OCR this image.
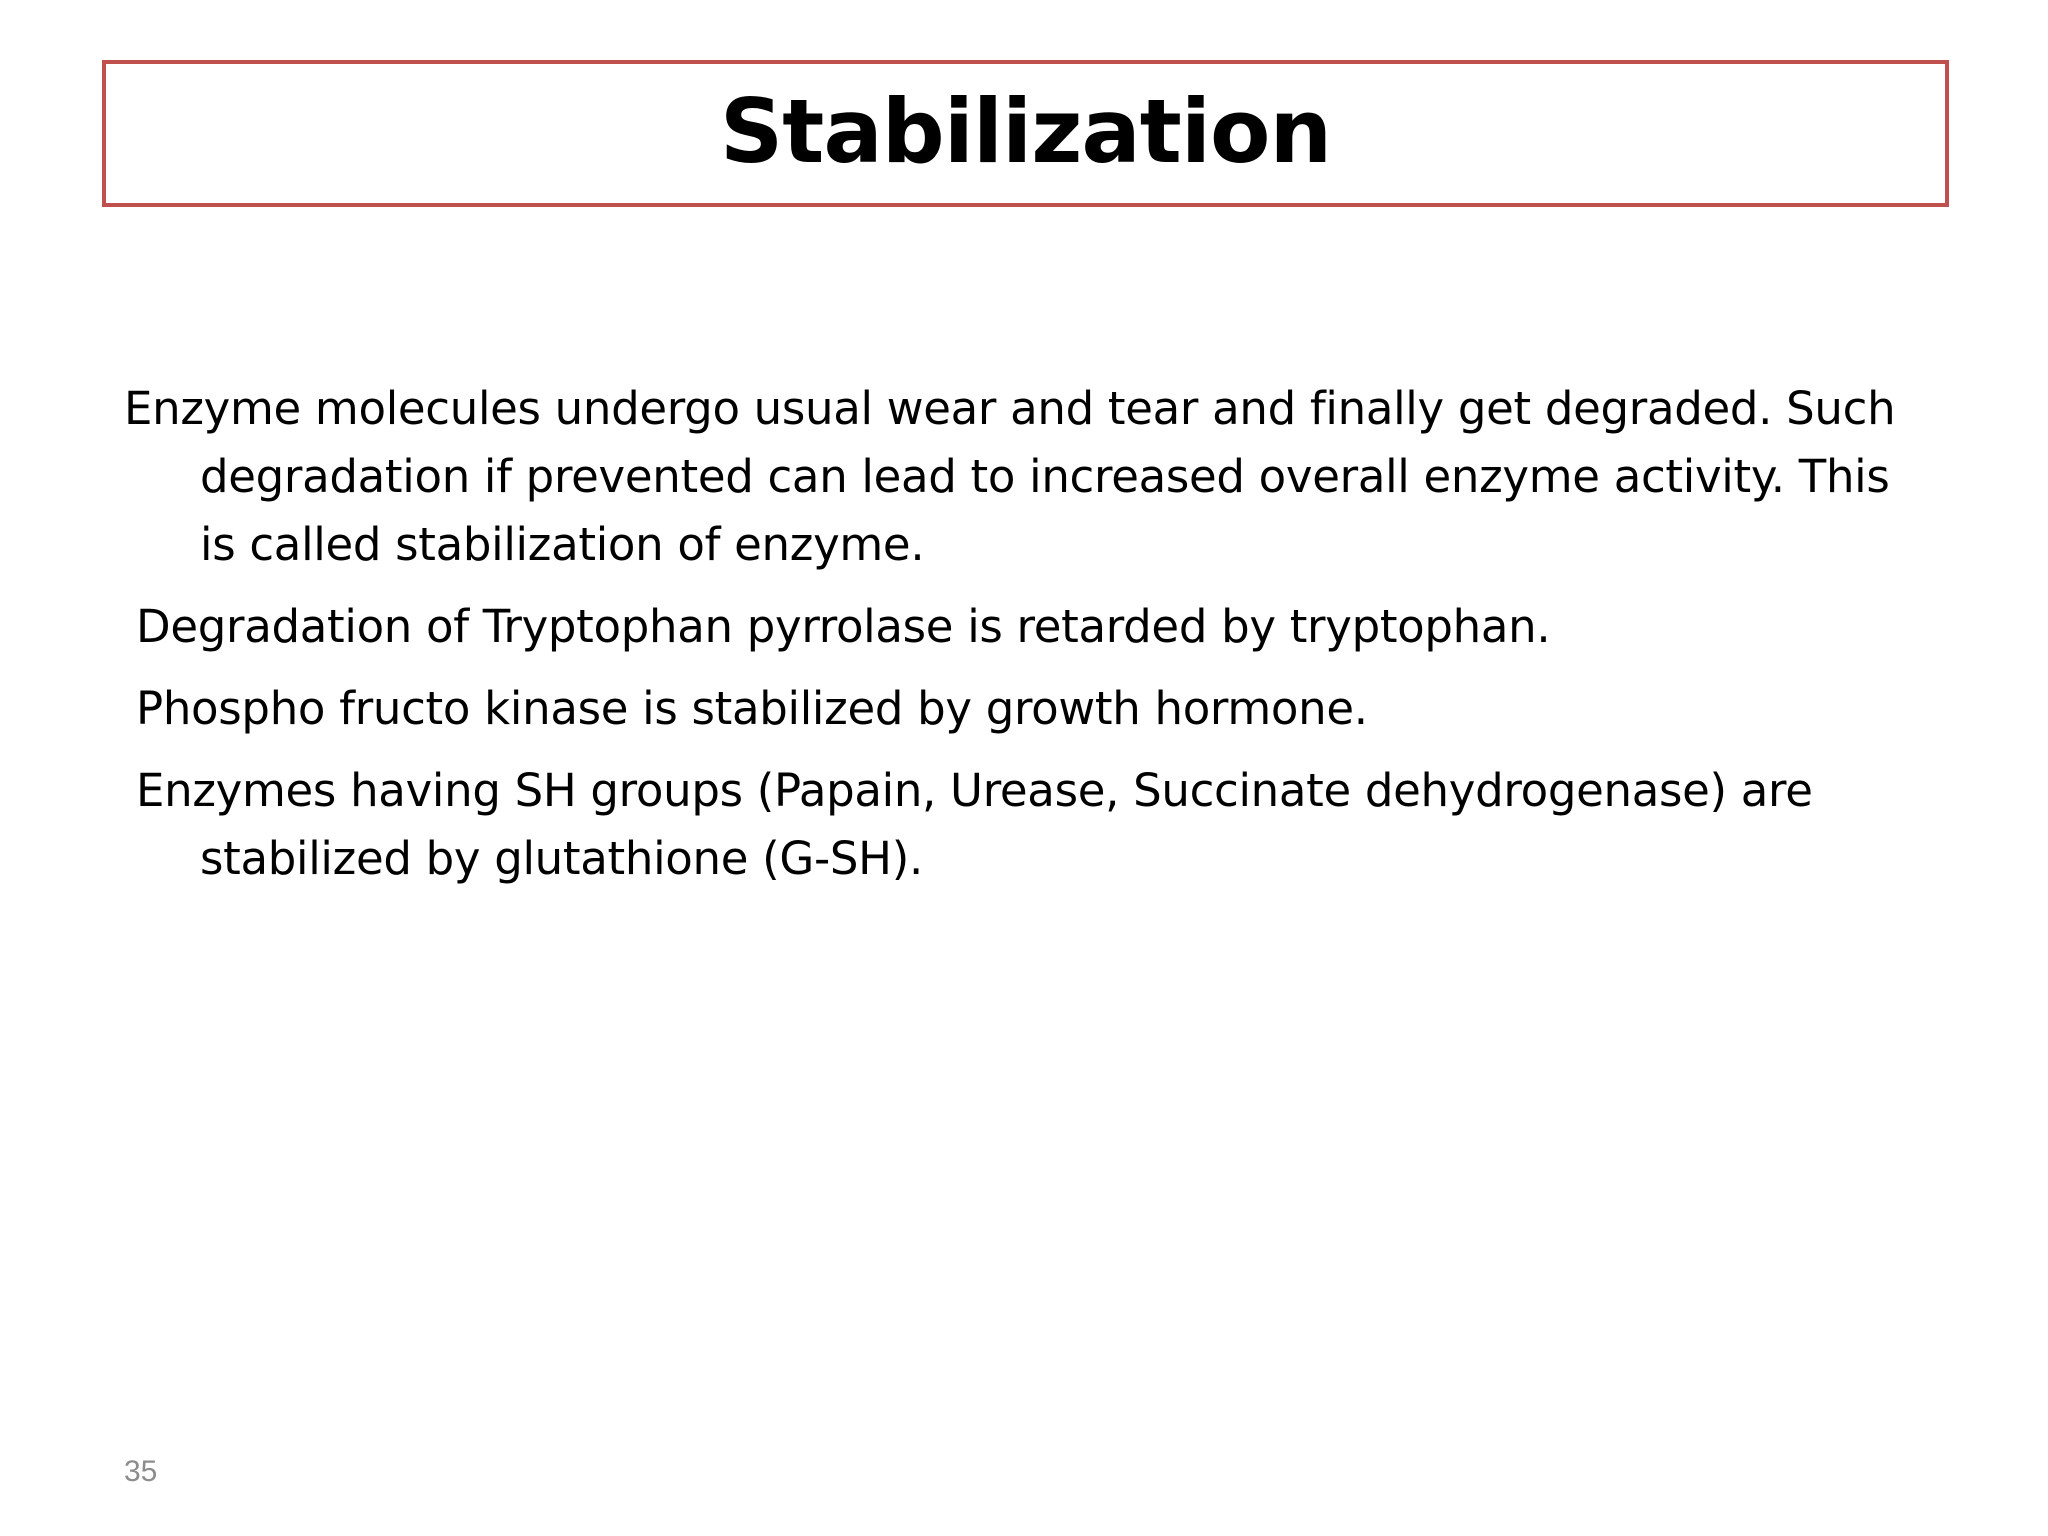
Stabilization

Enzyme molecules undergo usual wear and tear and finally get degraded. Such degradation if prevented can lead to increased overall enzyme activity. This is called stabilization of enzyme.

Degradation of Tryptophan pyrrolase is retarded by tryptophan.

Phospho fructo kinase is stabilized by growth hormone.

Enzymes having SH groups (Papain, Urease, Succinate dehydrogenase) are stabilized by glutathione (G-SH).

35
